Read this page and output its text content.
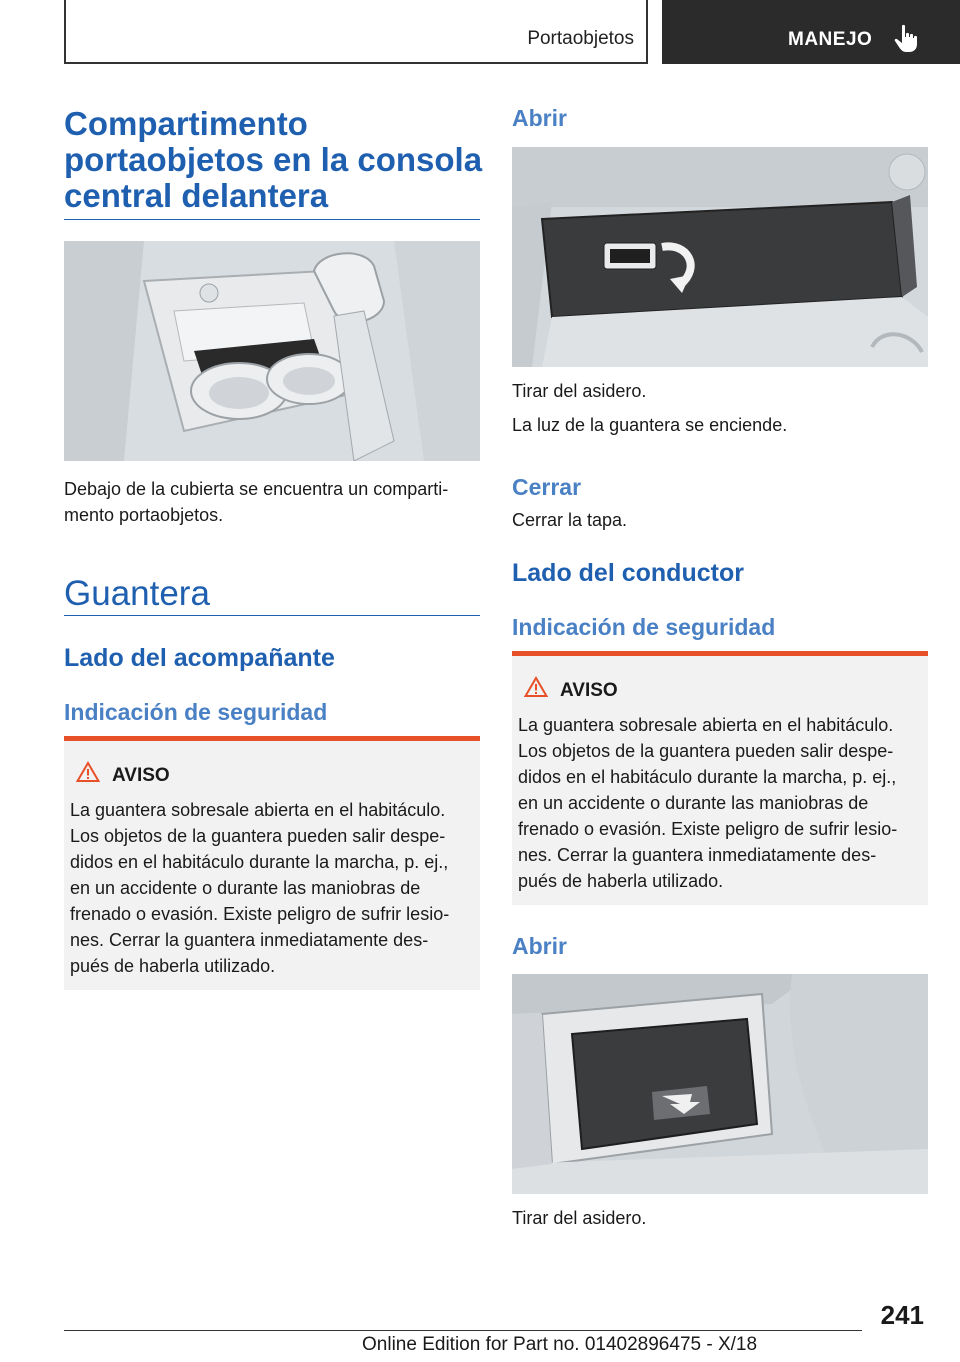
Portaobjetos	MANEJO
Compartimento
portaobjetos en la consola
central delantera

Debajo de la cubierta se encuentra un comparti-

mento portaobjetos.

Guantera

Lado del acompañante

Indicación de seguridad

AVISO
La guantera sobresale abierta en el habitáculo.
Los objetos de la guantera pueden salir despe-
didos en el habitáculo durante la marcha, p. ej.,
en un accidente o durante las maniobras de
frenado o evasión. Existe peligro de sufrir lesio-
nes. Cerrar la guantera inmediatamente des-
pués de haberla utilizado.

Abrir

Tirar del asidero.

La luz de la guantera se enciende.

Cerrar

Cerrar la tapa.

Lado del conductor

Indicación de seguridad

AVISO
La guantera sobresale abierta en el habitáculo.
Los objetos de la guantera pueden salir despe-
didos en el habitáculo durante la marcha, p. ej.,
en un accidente o durante las maniobras de
frenado o evasión. Existe peligro de sufrir lesio-
nes. Cerrar la guantera inmediatamente des-
pués de haberla utilizado.

Abrir

Tirar del asidero.

241
Online Edition for Part no. 01402896475 - X/18
